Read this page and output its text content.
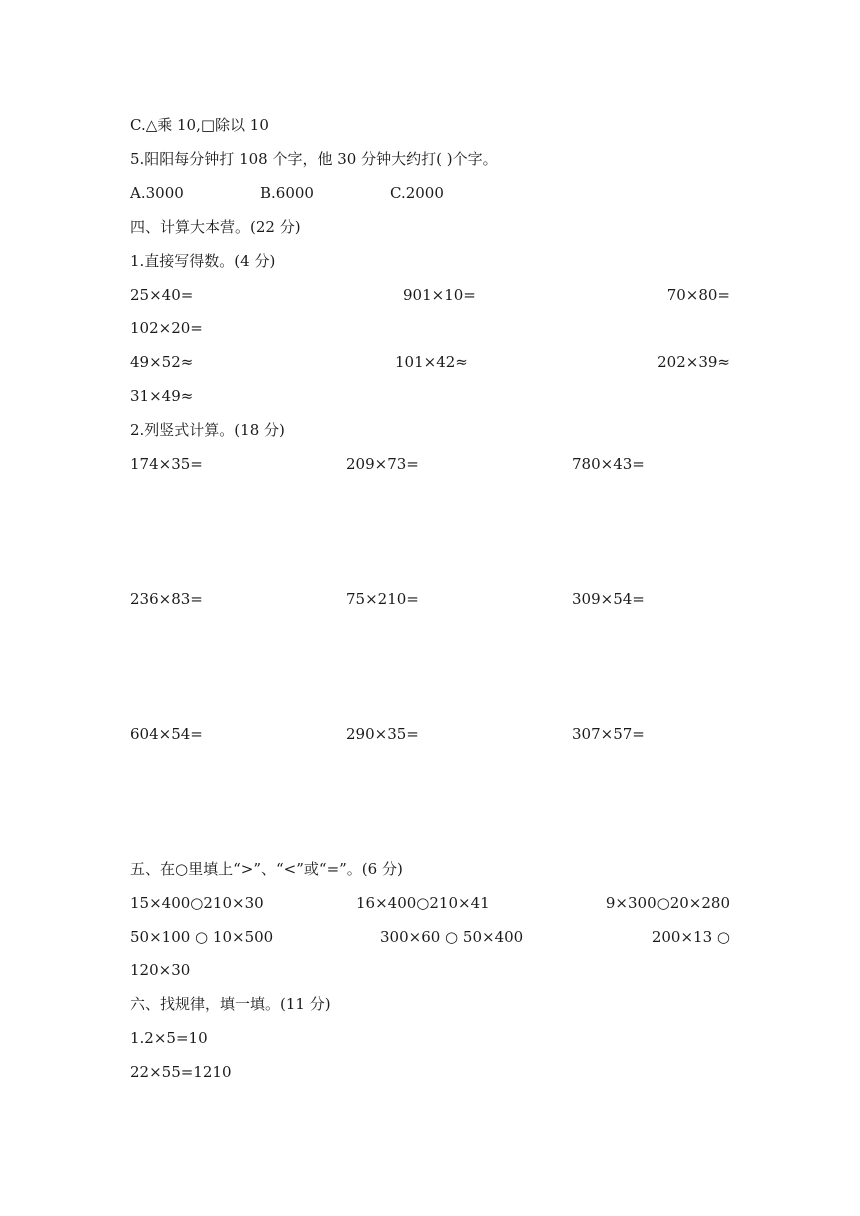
C.△乘 10,□除以 10
5.阳阳每分钟打 108 个字，他 30 分钟大约打( )个字。
A.3000	B.6000	C.2000
四、计算大本营。(22 分)
1.直接写得数。(4 分)
25×40=	901×10=	70×80=
102×20=
49×52≈	101×42≈	202×39≈
31×49≈
2.列竖式计算。(18 分)
174×35=	209×73=	780×43=
236×83=	75×210=	309×54=
604×54=	290×35=	307×57=
五、在○里填上“>”、“<”或“=”。(6 分)
15×400○210×30	16×400○210×41	9×300○20×280
50×100 ○ 10×500	300×60 ○ 50×400	200×13 ○
120×30
六、找规律，填一填。(11 分)
1.2×5=10
22×55=1210
